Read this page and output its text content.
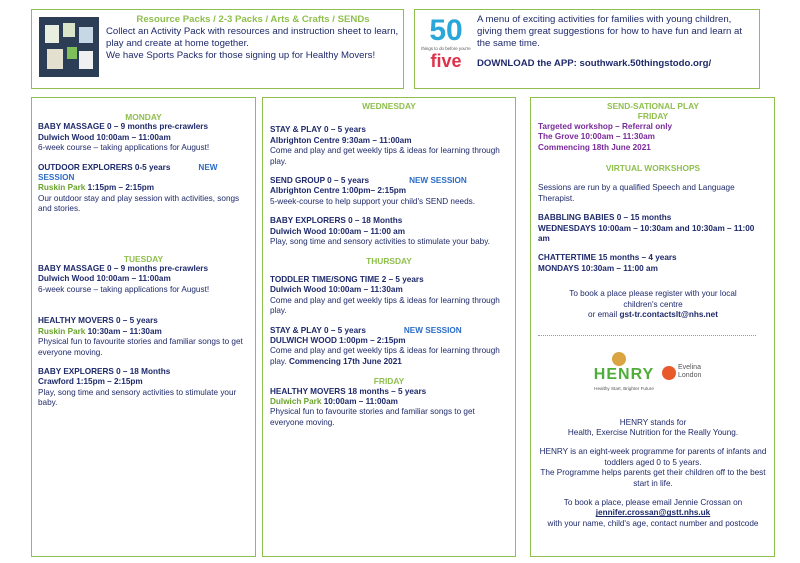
Resource Packs / 2-3 Packs / Arts & Crafts / SENDs
Collect an Activity Pack with resources and instruction sheet to learn, play and create at home together.
We have Sports Packs for those signing up for Healthy Movers!
50
things to do before you're
five
A menu of exciting activities for families with young children, giving them great suggestions for how to have fun and learn at the same time.
DOWNLOAD the APP: southwark.50thingstodo.org/
MONDAY
BABY MASSAGE 0 – 9 months pre-crawlers
Dulwich Wood 10:00am – 11:00am
6-week course – taking applications for August!
OUTDOOR EXPLORERS 0-5 years	NEW SESSION
Ruskin Park 1:15pm – 2:15pm
Our outdoor stay and play session with activities, songs and stories.
TUESDAY
BABY MASSAGE 0 – 9 months pre-crawlers
Dulwich Wood 10:00am – 11:00am
6-week course – taking applications for August!
HEALTHY MOVERS 0 – 5 years
Ruskin Park 10:30am – 11:30am
Physical fun to favourite stories and familiar songs to get everyone moving.
BABY EXPLORERS 0 – 18 Months
Crawford 1:15pm – 2:15pm
Play, song time and sensory activities to stimulate your baby.
WEDNESDAY
STAY & PLAY 0 – 5 years
Albrighton Centre 9:30am – 11:00am
Come and play and get weekly tips & ideas for learning through play.
SEND GROUP 0 – 5 years	NEW SESSION
Albrighton Centre 1:00pm– 2:15pm
5-week-course to help support your child's SEND needs.
BABY EXPLORERS 0 – 18 Months
Dulwich Wood 10:00am – 11:00 am
Play, song time and sensory activities to stimulate your baby.
THURSDAY
TODDLER TIME/SONG TIME 2 – 5 years
Dulwich Wood 10:00am – 11:30am
Come and play and get weekly tips & ideas for learning through play.
STAY & PLAY 0 – 5 years	NEW SESSION
DULWICH WOOD 1:00pm – 2:15pm
Come and play and get weekly tips & ideas for learning through play. Commencing 17th June 2021
FRIDAY
HEALTHY MOVERS 18 months – 5 years
Dulwich Park 10:00am – 11:00am
Physical fun to favourite stories and familiar songs to get everyone moving.
SEND-SATIONAL PLAY
FRIDAY
Targeted workshop – Referral only
The Grove 10:00am – 11:30am
Commencing 18th June 2021
VIRTUAL WORKSHOPS
Sessions are run by a qualified Speech and Language Therapist.
BABBLING BABIES 0 – 15 months
WEDNESDAYS 10:00am – 10:30am and 10:30am – 11:00 am
CHATTERTIME 15 months – 4 years
MONDAYS 10:30am – 11:00 am
To book a place please register with your local children's centre
or email gst-tr.contactslt@nhs.net
HENRY
Healthy Start, Brighter Future
Evelina London
HENRY stands for
Health, Exercise Nutrition for the Really Young.
HENRY is an eight-week programme for parents of infants and toddlers aged 0 to 5 years.
The Programme helps parents get their children off to the best start in life.
To book a place, please email Jennie Crossan on
jennifer.crossan@gstt.nhs.uk
with your name, child's age, contact number and postcode
